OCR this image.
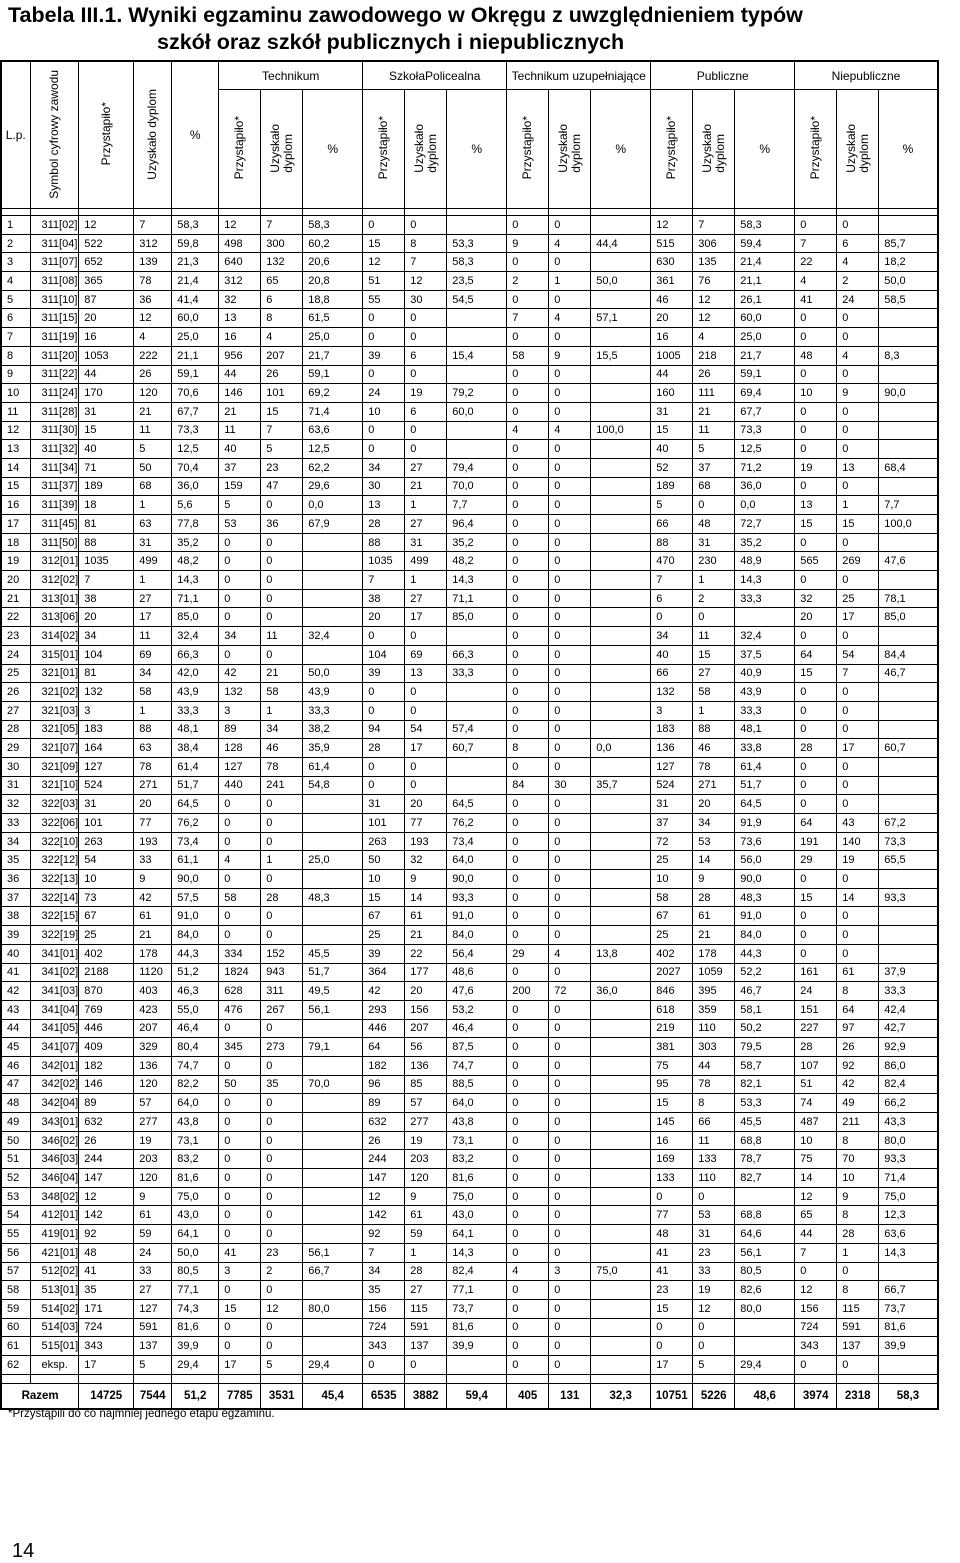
Tabela III.1. Wyniki egzaminu zawodowego w Okręgu z uwzględnieniem typów
szkół oraz szkół publicznych i niepublicznych
L.p.	Symbol cyfrowy zawodu	Przystąpiło*	Uzyskało dyplom	%	Technikum			SzkołaPolicealna			Technikum uzupełniające			Publiczne			Niepubliczne		
					Przystąpiło*	Uzyskało
dyplom	%	Przystąpiło*	Uzyskało
dyplom	%	Przystąpiło*	Uzyskało
dyplom	%	Przystąpiło*	Uzyskało
dyplom	%	Przystąpiło*	Uzyskało
dyplom	%

1	311[02]	12	7	58,3	12	7	58,3	0	0		0	0		12	7	58,3	0	0	
2	311[04]	522	312	59,8	498	300	60,2	15	8	53,3	9	4	44,4	515	306	59,4	7	6	85,7
3	311[07]	652	139	21,3	640	132	20,6	12	7	58,3	0	0		630	135	21,4	22	4	18,2
4	311[08]	365	78	21,4	312	65	20,8	51	12	23,5	2	1	50,0	361	76	21,1	4	2	50,0
5	311[10]	87	36	41,4	32	6	18,8	55	30	54,5	0	0		46	12	26,1	41	24	58,5
6	311[15]	20	12	60,0	13	8	61,5	0	0		7	4	57,1	20	12	60,0	0	0	
7	311[19]	16	4	25,0	16	4	25,0	0	0		0	0		16	4	25,0	0	0	
8	311[20]	1053	222	21,1	956	207	21,7	39	6	15,4	58	9	15,5	1005	218	21,7	48	4	8,3
9	311[22]	44	26	59,1	44	26	59,1	0	0		0	0		44	26	59,1	0	0	
10	311[24]	170	120	70,6	146	101	69,2	24	19	79,2	0	0		160	111	69,4	10	9	90,0
11	311[28]	31	21	67,7	21	15	71,4	10	6	60,0	0	0		31	21	67,7	0	0	
12	311[30]	15	11	73,3	11	7	63,6	0	0		4	4	100,0	15	11	73,3	0	0	
13	311[32]	40	5	12,5	40	5	12,5	0	0		0	0		40	5	12,5	0	0	
14	311[34]	71	50	70,4	37	23	62,2	34	27	79,4	0	0		52	37	71,2	19	13	68,4
15	311[37]	189	68	36,0	159	47	29,6	30	21	70,0	0	0		189	68	36,0	0	0	
16	311[39]	18	1	5,6	5	0	0,0	13	1	7,7	0	0		5	0	0,0	13	1	7,7
17	311[45]	81	63	77,8	53	36	67,9	28	27	96,4	0	0		66	48	72,7	15	15	100,0
18	311[50]	88	31	35,2	0	0		88	31	35,2	0	0		88	31	35,2	0	0	
19	312[01]	1035	499	48,2	0	0		1035	499	48,2	0	0		470	230	48,9	565	269	47,6
20	312[02]	7	1	14,3	0	0		7	1	14,3	0	0		7	1	14,3	0	0	
21	313[01]	38	27	71,1	0	0		38	27	71,1	0	0		6	2	33,3	32	25	78,1
22	313[06]	20	17	85,0	0	0		20	17	85,0	0	0		0	0		20	17	85,0
23	314[02]	34	11	32,4	34	11	32,4	0	0		0	0		34	11	32,4	0	0	
24	315[01]	104	69	66,3	0	0		104	69	66,3	0	0		40	15	37,5	64	54	84,4
25	321[01]	81	34	42,0	42	21	50,0	39	13	33,3	0	0		66	27	40,9	15	7	46,7
26	321[02]	132	58	43,9	132	58	43,9	0	0		0	0		132	58	43,9	0	0	
27	321[03]	3	1	33,3	3	1	33,3	0	0		0	0		3	1	33,3	0	0	
28	321[05]	183	88	48,1	89	34	38,2	94	54	57,4	0	0		183	88	48,1	0	0	
29	321[07]	164	63	38,4	128	46	35,9	28	17	60,7	8	0	0,0	136	46	33,8	28	17	60,7
30	321[09]	127	78	61,4	127	78	61,4	0	0		0	0		127	78	61,4	0	0	
31	321[10]	524	271	51,7	440	241	54,8	0	0		84	30	35,7	524	271	51,7	0	0	
32	322[03]	31	20	64,5	0	0		31	20	64,5	0	0		31	20	64,5	0	0	
33	322[06]	101	77	76,2	0	0		101	77	76,2	0	0		37	34	91,9	64	43	67,2
34	322[10]	263	193	73,4	0	0		263	193	73,4	0	0		72	53	73,6	191	140	73,3
35	322[12]	54	33	61,1	4	1	25,0	50	32	64,0	0	0		25	14	56,0	29	19	65,5
36	322[13]	10	9	90,0	0	0		10	9	90,0	0	0		10	9	90,0	0	0	
37	322[14]	73	42	57,5	58	28	48,3	15	14	93,3	0	0		58	28	48,3	15	14	93,3
38	322[15]	67	61	91,0	0	0		67	61	91,0	0	0		67	61	91,0	0	0	
39	322[19]	25	21	84,0	0	0		25	21	84,0	0	0		25	21	84,0	0	0	
40	341[01]	402	178	44,3	334	152	45,5	39	22	56,4	29	4	13,8	402	178	44,3	0	0	
41	341[02]	2188	1120	51,2	1824	943	51,7	364	177	48,6	0	0		2027	1059	52,2	161	61	37,9
42	341[03]	870	403	46,3	628	311	49,5	42	20	47,6	200	72	36,0	846	395	46,7	24	8	33,3
43	341[04]	769	423	55,0	476	267	56,1	293	156	53,2	0	0		618	359	58,1	151	64	42,4
44	341[05]	446	207	46,4	0	0		446	207	46,4	0	0		219	110	50,2	227	97	42,7
45	341[07]	409	329	80,4	345	273	79,1	64	56	87,5	0	0		381	303	79,5	28	26	92,9
46	342[01]	182	136	74,7	0	0		182	136	74,7	0	0		75	44	58,7	107	92	86,0
47	342[02]	146	120	82,2	50	35	70,0	96	85	88,5	0	0		95	78	82,1	51	42	82,4
48	342[04]	89	57	64,0	0	0		89	57	64,0	0	0		15	8	53,3	74	49	66,2
49	343[01]	632	277	43,8	0	0		632	277	43,8	0	0		145	66	45,5	487	211	43,3
50	346[02]	26	19	73,1	0	0		26	19	73,1	0	0		16	11	68,8	10	8	80,0
51	346[03]	244	203	83,2	0	0		244	203	83,2	0	0		169	133	78,7	75	70	93,3
52	346[04]	147	120	81,6	0	0		147	120	81,6	0	0		133	110	82,7	14	10	71,4
53	348[02]	12	9	75,0	0	0		12	9	75,0	0	0		0	0		12	9	75,0
54	412[01]	142	61	43,0	0	0		142	61	43,0	0	0		77	53	68,8	65	8	12,3
55	419[01]	92	59	64,1	0	0		92	59	64,1	0	0		48	31	64,6	44	28	63,6
56	421[01]	48	24	50,0	41	23	56,1	7	1	14,3	0	0		41	23	56,1	7	1	14,3
57	512[02]	41	33	80,5	3	2	66,7	34	28	82,4	4	3	75,0	41	33	80,5	0	0	
58	513[01]	35	27	77,1	0	0		35	27	77,1	0	0		23	19	82,6	12	8	66,7
59	514[02]	171	127	74,3	15	12	80,0	156	115	73,7	0	0		15	12	80,0	156	115	73,7
60	514[03]	724	591	81,6	0	0		724	591	81,6	0	0		0	0		724	591	81,6
61	515[01]	343	137	39,9	0	0		343	137	39,9	0	0		0	0		343	137	39,9
62	eksp.	17	5	29,4	17	5	29,4	0	0		0	0		17	5	29,4	0	0	

Razem		14725	7544	51,2	7785	3531	45,4	6535	3882	59,4	405	131	32,3	10751	5226	48,6	3974	2318	58,3
*Przystąpili do co najmniej jednego etapu egzaminu.
14
